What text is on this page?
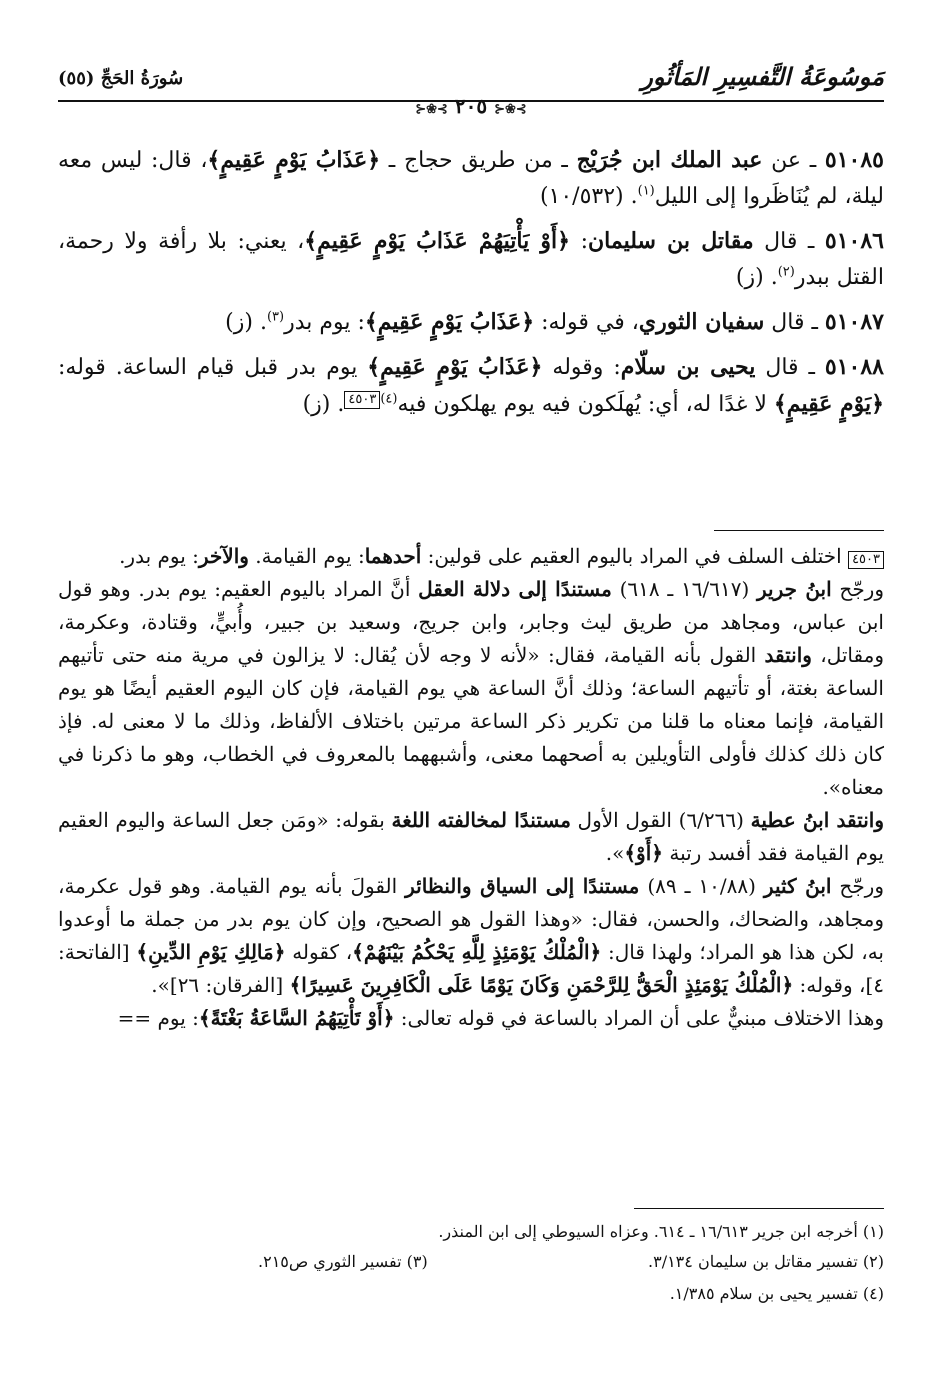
مَوسُوعَةُ التَّفسِيرِ المَأثُورِ
سُورَةُ الحَجِّ (٥٥)
⊱❀⊰ ٢٠٥ ⊱❀⊰

٥١٠٨٥ ـ عن عبد الملك ابن جُرَيْج ـ من طريق حجاج ـ ﴿عَذَابُ يَوْمٍ عَقِيمٍ﴾، قال: ليس معه ليلة، لم يُنَاظَروا إلى الليل$^{(١)}$. (١٠/٥٣٢)

٥١٠٨٦ ـ قال مقاتل بن سليمان: ﴿أَوْ يَأْتِيَهُمْ عَذَابُ يَوْمٍ عَقِيمٍ﴾، يعني: بلا رأفة ولا رحمة، القتل ببدر$^{(٢)}$. (ز)

٥١٠٨٧ ـ قال سفيان الثوري، في قوله: ﴿عَذَابُ يَوْمٍ عَقِيمٍ﴾: يوم بدر$^{(٣)}$. (ز)

٥١٠٨٨ ـ قال يحيى بن سلّام: وقوله ﴿عَذَابُ يَوْمٍ عَقِيمٍ﴾ يوم بدر قبل قيام الساعة. قوله: ﴿يَوْمٍ عَقِيمٍ﴾ لا غدًا له، أي: يُهلَكون فيه يوم يهلكون فيه$^{(٤)}$٤٥٠٣. (ز)

٤٥٠٣ اختلف السلف في المراد باليوم العقيم على قولين: أحدهما: يوم القيامة. والآخر: يوم بدر.

ورجّح ابنُ جرير (١٦/٦١٧ ـ ٦١٨) مستندًا إلى دلالة العقل أنَّ المراد باليوم العقيم: يوم بدر. وهو قول ابن عباس، ومجاهد من طريق ليث وجابر، وابن جريج، وسعيد بن جبير، وأُبيٍّ، وقتادة، وعكرمة، ومقاتل، وانتقد القول بأنه القيامة، فقال: «لأنه لا وجه لأن يُقال: لا يزالون في مرية منه حتى تأتيهم الساعة بغتة، أو تأتيهم الساعة؛ وذلك أنَّ الساعة هي يوم القيامة، فإن كان اليوم العقيم أيضًا هو يوم القيامة، فإنما معناه ما قلنا من تكرير ذكر الساعة مرتين باختلاف الألفاظ، وذلك ما لا معنى له. فإذ كان ذلك كذلك فأولى التأويلين به أصحهما معنى، وأشبههما بالمعروف في الخطاب، وهو ما ذكرنا في معناه».

وانتقد ابنُ عطية (٦/٢٦٦) القول الأول مستندًا لمخالفته اللغة بقوله: «ومَن جعل الساعة واليوم العقيم يوم القيامة فقد أفسد رتبة ﴿أَوْ﴾».

ورجّح ابنُ كثير (١٠/٨٨ ـ ٨٩) مستندًا إلى السياق والنظائر القولَ بأنه يوم القيامة. وهو قول عكرمة، ومجاهد، والضحاك، والحسن، فقال: «وهذا القول هو الصحيح، وإن كان يوم بدر من جملة ما أوعدوا به، لكن هذا هو المراد؛ ولهذا قال: ﴿الْمُلْكُ يَوْمَئِذٍ لِلَّهِ يَحْكُمُ بَيْنَهُمْ﴾، كقوله ﴿مَالِكِ يَوْمِ الدِّينِ﴾ [الفاتحة: ٤]، وقوله: ﴿الْمُلْكُ يَوْمَئِذٍ الْحَقُّ لِلرَّحْمَنِ وَكَانَ يَوْمًا عَلَى الْكَافِرِينَ عَسِيرًا﴾ [الفرقان: ٢٦]».

وهذا الاختلاف مبنيٌّ على أن المراد بالساعة في قوله تعالى: ﴿أَوْ تَأْتِيَهُمُ السَّاعَةُ بَغْتَةً﴾: يوم ==

(١) أخرجه ابن جرير ١٦/٦١٣ ـ ٦١٤. وعزاه السيوطي إلى ابن المنذر.
(٢) تفسير مقاتل بن سليمان ٣/١٣٤.
(٣) تفسير الثوري ص٢١٥.
(٤) تفسير يحيى بن سلام ١/٣٨٥.
